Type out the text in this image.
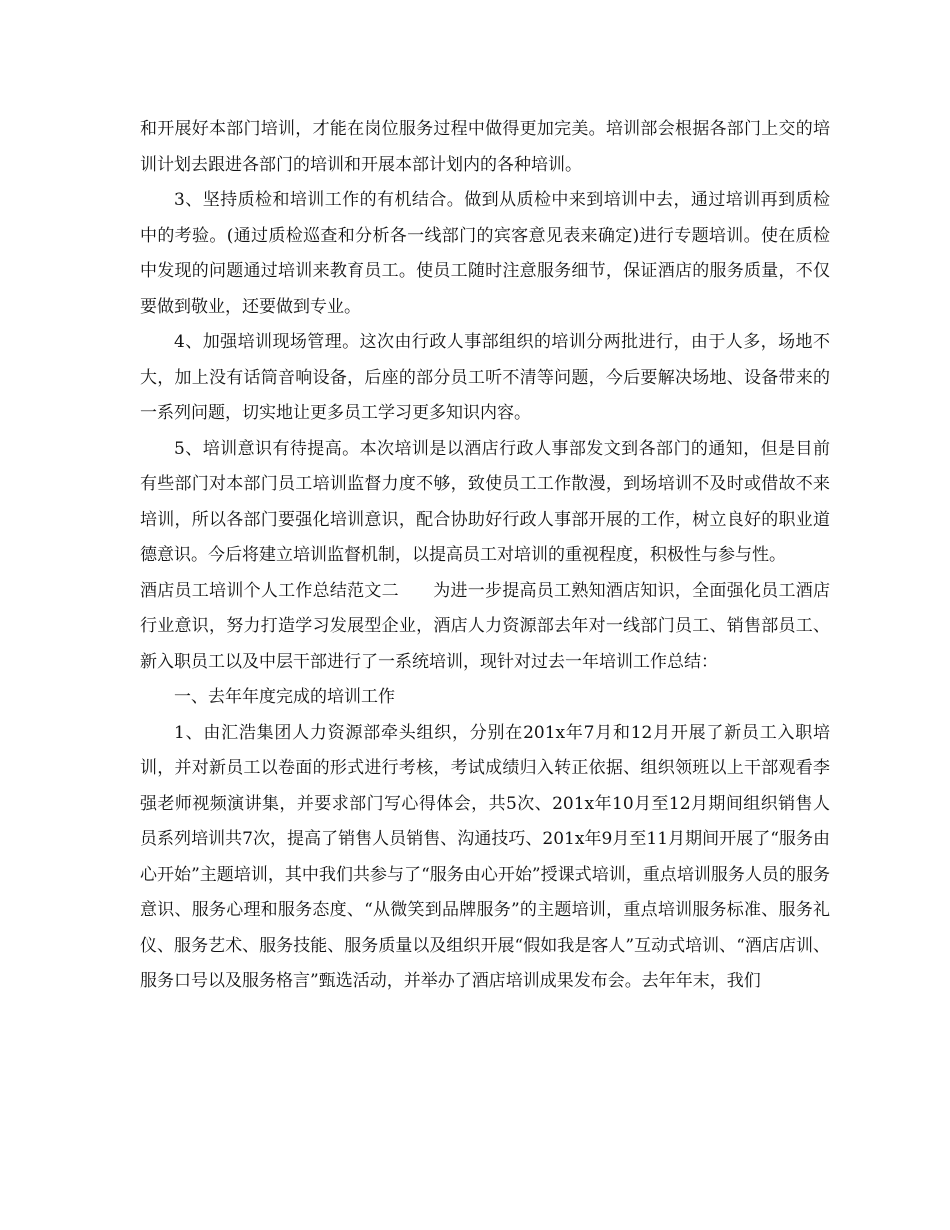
和开展好本部门培训，才能在岗位服务过程中做得更加完美。培训部会根据各部门上交的培训计划去跟进各部门的培训和开展本部计划内的各种培训。

3、坚持质检和培训工作的有机结合。做到从质检中来到培训中去，通过培训再到质检中的考验。(通过质检巡查和分析各一线部门的宾客意见表来确定)进行专题培训。使在质检中发现的问题通过培训来教育员工。使员工随时注意服务细节，保证酒店的服务质量，不仅要做到敬业，还要做到专业。

4、加强培训现场管理。这次由行政人事部组织的培训分两批进行，由于人多，场地不大，加上没有话筒音响设备，后座的部分员工听不清等问题，今后要解决场地、设备带来的一系列问题，切实地让更多员工学习更多知识内容。

5、培训意识有待提高。本次培训是以酒店行政人事部发文到各部门的通知，但是目前有些部门对本部门员工培训监督力度不够，致使员工工作散漫，到场培训不及时或借故不来培训，所以各部门要强化培训意识，配合协助好行政人事部开展的工作，树立良好的职业道德意识。今后将建立培训监督机制，以提高员工对培训的重视程度，积极性与参与性。

酒店员工培训个人工作总结范文二 为进一步提高员工熟知酒店知识，全面强化员工酒店行业意识，努力打造学习发展型企业，酒店人力资源部去年对一线部门员工、销售部员工、新入职员工以及中层干部进行了一系统培训，现针对过去一年培训工作总结：

一、去年年度完成的培训工作

1、由汇浩集团人力资源部牵头组织，分别在201x年7月和12月开展了新员工入职培训，并对新员工以卷面的形式进行考核，考试成绩归入转正依据、组织领班以上干部观看李强老师视频演讲集，并要求部门写心得体会，共5次、201x年10月至12月期间组织销售人员系列培训共7次，提高了销售人员销售、沟通技巧、201x年9月至11月期间开展了“服务由心开始”主题培训，其中我们共参与了“服务由心开始”授课式培训，重点培训服务人员的服务意识、服务心理和服务态度、“从微笑到品牌服务”的主题培训，重点培训服务标准、服务礼仪、服务艺术、服务技能、服务质量以及组织开展“假如我是客人”互动式培训、“酒店店训、服务口号以及服务格言”甄选活动，并举办了酒店培训成果发布会。去年年末，我们
